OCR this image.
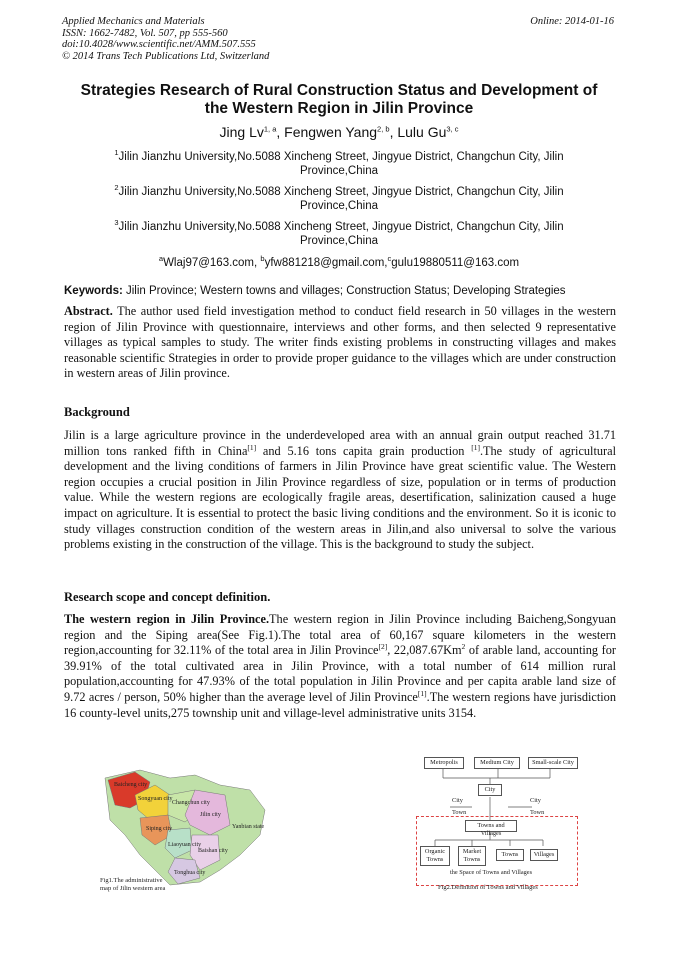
Applied Mechanics and Materials
ISSN: 1662-7482, Vol. 507, pp 555-560
doi:10.4028/www.scientific.net/AMM.507.555
© 2014 Trans Tech Publications Ltd, Switzerland
Online: 2014-01-16
Strategies Research of Rural Construction Status and Development of
the Western Region in Jilin Province
Jing Lv$^{1, a}$, Fengwen Yang$^{2, b}$, Lulu Gu$^{3, c}$
$^1$Jilin Jianzhu University,No.5088 Xincheng Street, Jingyue District, Changchun City, Jilin
Province,China
$^2$Jilin Jianzhu University,No.5088 Xincheng Street, Jingyue District, Changchun City, Jilin
Province,China
$^3$Jilin Jianzhu University,No.5088 Xincheng Street, Jingyue District, Changchun City, Jilin
Province,China
$^a$Wlaj97@163.com, $^b$yfw881218@gmail.com,$^c$gulu19880511@163.com
Keywords: Jilin Province; Western towns and villages; Construction Status; Developing Strategies
Abstract. The author used field investigation method to conduct field research in 50 villages in the western region of Jilin Province with questionnaire, interviews and other forms, and then selected 9 representative villages as typical samples to study. The writer finds existing problems in constructing villages and makes reasonable scientific Strategies in order to provide proper guidance to the villages which are under construction in western areas of Jilin province.
Background
Jilin is a large agriculture province in the underdeveloped area with an annual grain output reached 31.71 million tons ranked fifth in China[1] and 5.16 tons capita grain production [1].The study of agricultural development and the living conditions of farmers in Jilin Province have great scientific value. The Western region occupies a crucial position in Jilin Province regardless of size, population or in terms of production value. While the western regions are ecologically fragile areas, desertification, salinization caused a huge impact on agriculture. It is essential to protect the basic living conditions and the environment. So it is iconic to study villages construction condition of the western areas in Jilin,and also universal to solve the various problems existing in the construction of the village. This is the background to study the subject.
Research scope and concept definition.
The western region in Jilin Province.The western region in Jilin Province including Baicheng,Songyuan region and the Siping area(See Fig.1).The total area of 60,167 square kilometers in the western region,accounting for 32.11% of the total area in Jilin Province[2], 22,087.67Km$^2$ of arable land, accounting for 39.91% of the total cultivated area in Jilin Province, with a total number of 614 million rural population,accounting for 47.93% of the total population in Jilin Province and per capita arable land size of 9.72 acres / person, 50% higher than the average level of Jilin Province[1].The western regions have jurisdiction 16 county-level units,275 township unit and village-level administrative units 3154.
Baicheng city
Songyuan city
Changchun city
Jilin city
Yanbian state
Siping city
Liaoyuan city
Baishan city
Tonghua city
Fig1.The administrative
map of Jilin western area
Metropolis	Medium City	Small-scale City
City
City	City
Town	Town
Towns and Villages
Organic Towns
Market Towns
Towns	Villages
the Space of Towns and Villages
Fig2.Definition of Towns and Villages
